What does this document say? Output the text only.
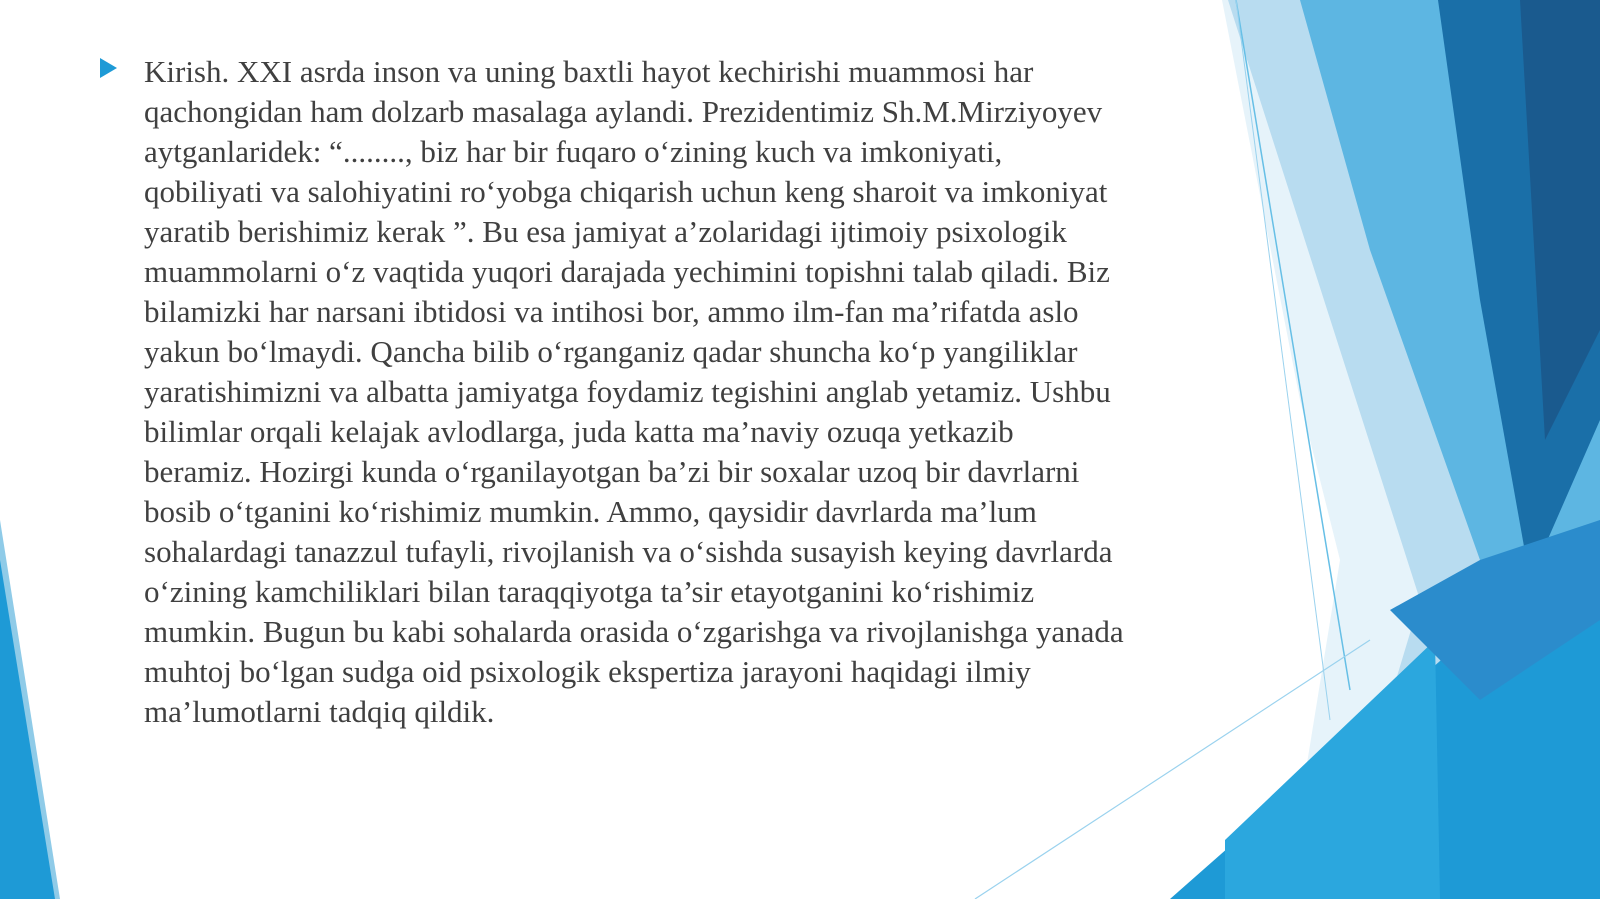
Kirish. XXI asrda inson va uning baxtli hayot kechirishi muammosi har
qachongidan ham dolzarb masalaga aylandi. Prezidentimiz Sh.M.Mirziyoyev
aytganlaridek: “........, biz har bir fuqaro o‘zining kuch va imkoniyati,
qobiliyati va salohiyatini ro‘yobga chiqarish uchun keng sharoit va imkoniyat
yaratib berishimiz kerak ”. Bu esa jamiyat a’zolaridagi ijtimoiy psixologik
muammolarni o‘z vaqtida yuqori darajada yechimini topishni talab qiladi. Biz
bilamizki har narsani ibtidosi va intihosi bor, ammo ilm-fan ma’rifatda aslo
yakun bo‘lmaydi. Qancha bilib o‘rganganiz qadar shuncha ko‘p yangiliklar
yaratishimizni va albatta jamiyatga foydamiz tegishini anglab yetamiz. Ushbu
bilimlar orqali kelajak avlodlarga, juda katta ma’naviy ozuqa yetkazib
beramiz. Hozirgi kunda o‘rganilayotgan ba’zi bir soxalar uzoq bir davrlarni
bosib o‘tganini ko‘rishimiz mumkin. Ammo, qaysidir davrlarda ma’lum
sohalardagi tanazzul tufayli, rivojlanish va o‘sishda susayish keying davrlarda
o‘zining kamchiliklari bilan taraqqiyotga ta’sir etayotganini ko‘rishimiz
mumkin. Bugun bu kabi sohalarda orasida o‘zgarishga va rivojlanishga yanada
muhtoj bo‘lgan sudga oid psixologik ekspertiza jarayoni haqidagi ilmiy
ma’lumotlarni tadqiq qildik.
